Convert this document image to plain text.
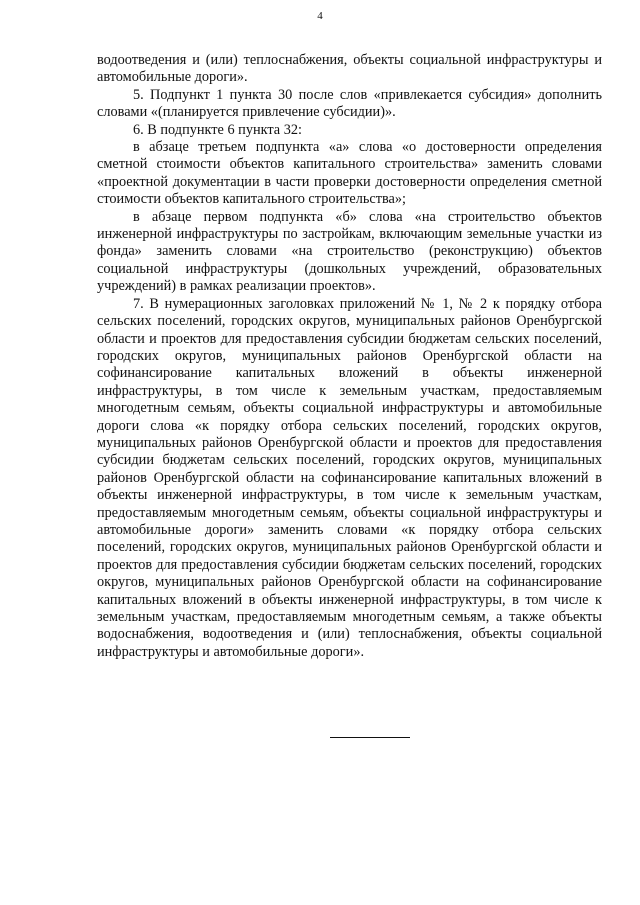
4

водоотведения и (или) теплоснабжения, объекты социальной инфраструктуры и автомобильные дороги».

5. Подпункт 1 пункта 30 после слов «привлекается субсидия» дополнить словами «(планируется привлечение субсидии)».

6. В подпункте 6 пункта 32:

в абзаце третьем подпункта «а» слова «о достоверности определения сметной стоимости объектов капитального строительства» заменить словами «проектной документации в части проверки достоверности определения сметной стоимости объектов капитального строительства»;

в абзаце первом подпункта «б» слова «на строительство объектов инженерной инфраструктуры по застройкам, включающим земельные участки из фонда» заменить словами «на строительство (реконструкцию) объектов социальной инфраструктуры (дошкольных учреждений, образовательных учреждений) в рамках реализации проектов».

7. В нумерационных заголовках приложений № 1, № 2 к порядку отбора сельских поселений, городских округов, муниципальных районов Оренбургской области и проектов для предоставления субсидии бюджетам сельских поселений, городских округов, муниципальных районов Оренбургской области на софинансирование капитальных вложений в объекты инженерной инфраструктуры, в том числе к земельным участкам, предоставляемым многодетным семьям, объекты социальной инфраструктуры и автомобильные дороги слова «к порядку отбора сельских поселений, городских округов, муниципальных районов Оренбургской области и проектов для предоставления субсидии бюджетам сельских поселений, городских округов, муниципальных районов Оренбургской области на софинансирование капитальных вложений в объекты инженерной инфраструктуры, в том числе к земельным участкам, предоставляемым многодетным семьям, объекты социальной инфраструктуры и автомобильные дороги» заменить словами «к порядку отбора сельских поселений, городских округов, муниципальных районов Оренбургской области и проектов для предоставления субсидии бюджетам сельских поселений, городских округов, муниципальных районов Оренбургской области на софинансирование капитальных вложений в объекты инженерной инфраструктуры, в том числе к земельным участкам, предоставляемым многодетным семьям, а также объекты водоснабжения, водоотведения и (или) теплоснабжения, объекты социальной инфраструктуры и автомобильные дороги».
